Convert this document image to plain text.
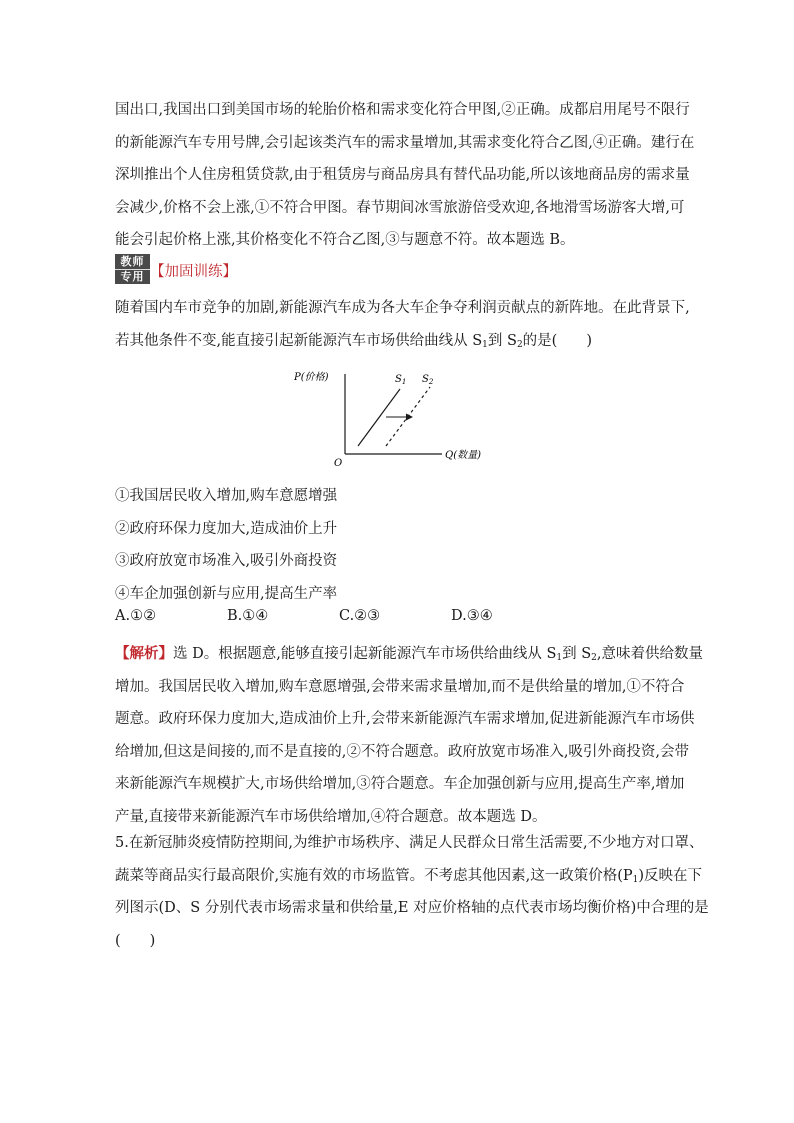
国出口,我国出口到美国市场的轮胎价格和需求变化符合甲图,②正确。成都启用尾号不限行
的新能源汽车专用号牌,会引起该类汽车的需求量增加,其需求变化符合乙图,④正确。建行在
深圳推出个人住房租赁贷款,由于租赁房与商品房具有替代品功能,所以该地商品房的需求量
会减少,价格不会上涨,①不符合甲图。春节期间冰雪旅游倍受欢迎,各地滑雪场游客大增,可
能会引起价格上涨,其价格变化不符合乙图,③与题意不符。故本题选 B。

教师
专用 【加固训练】

随着国内车市竞争的加剧,新能源汽车成为各大车企争夺利润贡献点的新阵地。在此背景下,
若其他条件不变,能直接引起新能源汽车市场供给曲线从 $S_1$到 $S_2$的是(　　)

P(价格)
Q(数量)
O
$S_1$ $S_2$

①我国居民收入增加,购车意愿增强
②政府环保力度加大,造成油价上升
③政府放宽市场准入,吸引外商投资
④车企加强创新与应用,提高生产率

A.①②	B.①④	C.②③	D.③④

【解析】选 D。根据题意,能够直接引起新能源汽车市场供给曲线从 $S_1$到 $S_2$,意味着供给数量
增加。我国居民收入增加,购车意愿增强,会带来需求量增加,而不是供给量的增加,①不符合
题意。政府环保力度加大,造成油价上升,会带来新能源汽车需求增加,促进新能源汽车市场供
给增加,但这是间接的,而不是直接的,②不符合题意。政府放宽市场准入,吸引外商投资,会带
来新能源汽车规模扩大,市场供给增加,③符合题意。车企加强创新与应用,提高生产率,增加
产量,直接带来新能源汽车市场供给增加,④符合题意。故本题选 D。

5.在新冠肺炎疫情防控期间,为维护市场秩序、满足人民群众日常生活需要,不少地方对口罩、
蔬菜等商品实行最高限价,实施有效的市场监管。不考虑其他因素,这一政策价格$(P_1)$反映在下
列图示(D、S 分别代表市场需求量和供给量,E 对应价格轴的点代表市场均衡价格)中合理的是
(　　)
